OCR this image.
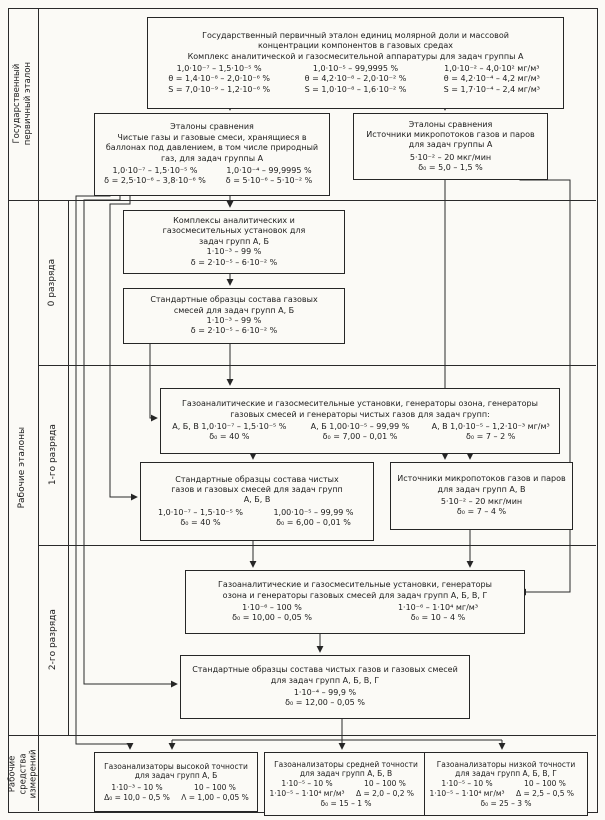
Государственный первичный эталон
Рабочие эталоны
0 разряда
1-го разряда
2-го разряда
Рабочие средства измерений
Государственный первичный эталон единиц молярной доли и массовой
концентрации компонентов в газовых средах
Комплекс аналитической и газосмесительной аппаратуры для задач группы А
1,0·10⁻⁷ – 1,5·10⁻⁵ %
θ = 1,4·10⁻⁸ – 2,0·10⁻⁶ %
S = 7,0·10⁻⁹ – 1,2·10⁻⁶ %
1,0·10⁻⁵ – 99,9995 %
θ = 4,2·10⁻⁸ – 2,0·10⁻² %
S = 1,0·10⁻⁸ – 1,6·10⁻² %
1,0·10⁻² – 4,0·10² мг/м³
θ = 4,2·10⁻⁴ – 4,2 мг/м³
S = 1,7·10⁻⁴ – 2,4 мг/м³
Эталоны сравнения
Чистые газы и газовые смеси, хранящиеся в
баллонах под давлением, в том числе природный
газ, для задач группы А
1,0·10⁻⁷ – 1,5·10⁻⁵ %
δ = 2,5·10⁻⁶ – 3,8·10⁻⁶ %
1,0·10⁻⁴ – 99,9995 %
δ = 5·10⁻⁶ – 5·10⁻² %
Эталоны сравнения
Источники микропотоков газов и паров
для задач группы А
5·10⁻² – 20 мкг/мин
δ₀ = 5,0 – 1,5 %
Комплексы аналитических и
газосмесительных установок для
задач групп А, Б
1·10⁻³ – 99 %
δ = 2·10⁻⁵ – 6·10⁻² %
Стандартные образцы состава газовых
смесей для задач групп А, Б
1·10⁻³ – 99 %
δ = 2·10⁻⁵ – 6·10⁻² %
Газоаналитические и газосмесительные установки, генераторы озона, генераторы
газовых смесей и генераторы чистых газов для задач групп:
А, Б, В 1,0·10⁻⁷ – 1,5·10⁻⁵ %	А, Б 1,00·10⁻⁵ – 99,99 %	А, В 1,0·10⁻⁵ – 1,2·10⁻³ мг/м³
δ₀ = 40 %	δ₀ = 7,00 – 0,01 %	δ₀ = 7 – 2 %
Стандартные образцы состава чистых
газов и газовых смесей для задач групп
А, Б, В
1,0·10⁻⁷ – 1,5·10⁻⁵ %	1,00·10⁻⁵ – 99,99 %
δ₀ = 40 %	δ₀ = 6,00 – 0,01 %
Источники микропотоков газов и паров
для задач групп А, В
5·10⁻² – 20 мкг/мин
δ₀ = 7 – 4 %
Газоаналитические и газосмесительные установки, генераторы
озона и генераторы газовых смесей для задач групп А, Б, В, Г
1·10⁻⁶ – 100 %	1·10⁻⁶ – 1·10⁴ мг/м³
δ₀ = 10,00 – 0,05 %	δ₀ = 10 – 4 %
Стандартные образцы состава чистых газов и газовых смесей
для задач групп А, Б, В, Г
1·10⁻⁴ – 99,9 %
δ₀ = 12,00 – 0,05 %
Газоанализаторы высокой точности
для задач групп А, Б
1·10⁻³ – 10 %	10 – 100 %
Δ₀ = 10,0 – 0,5 %	Λ = 1,00 – 0,05 %
Газоанализаторы средней точности
для задач групп А, Б, В
1·10⁻⁵ – 10 %	10 – 100 %
1·10⁻⁵ – 1·10⁴ мг/м³	Δ = 2,0 – 0,2 %
δ₀ = 15 – 1 %
Газоанализаторы низкой точности
для задач групп А, Б, В, Г
1·10⁻⁵ – 10 %	10 – 100 %
1·10⁻⁵ – 1·10⁴ мг/м³	Δ = 2,5 – 0,5 %
δ₀ = 25 – 3 %
